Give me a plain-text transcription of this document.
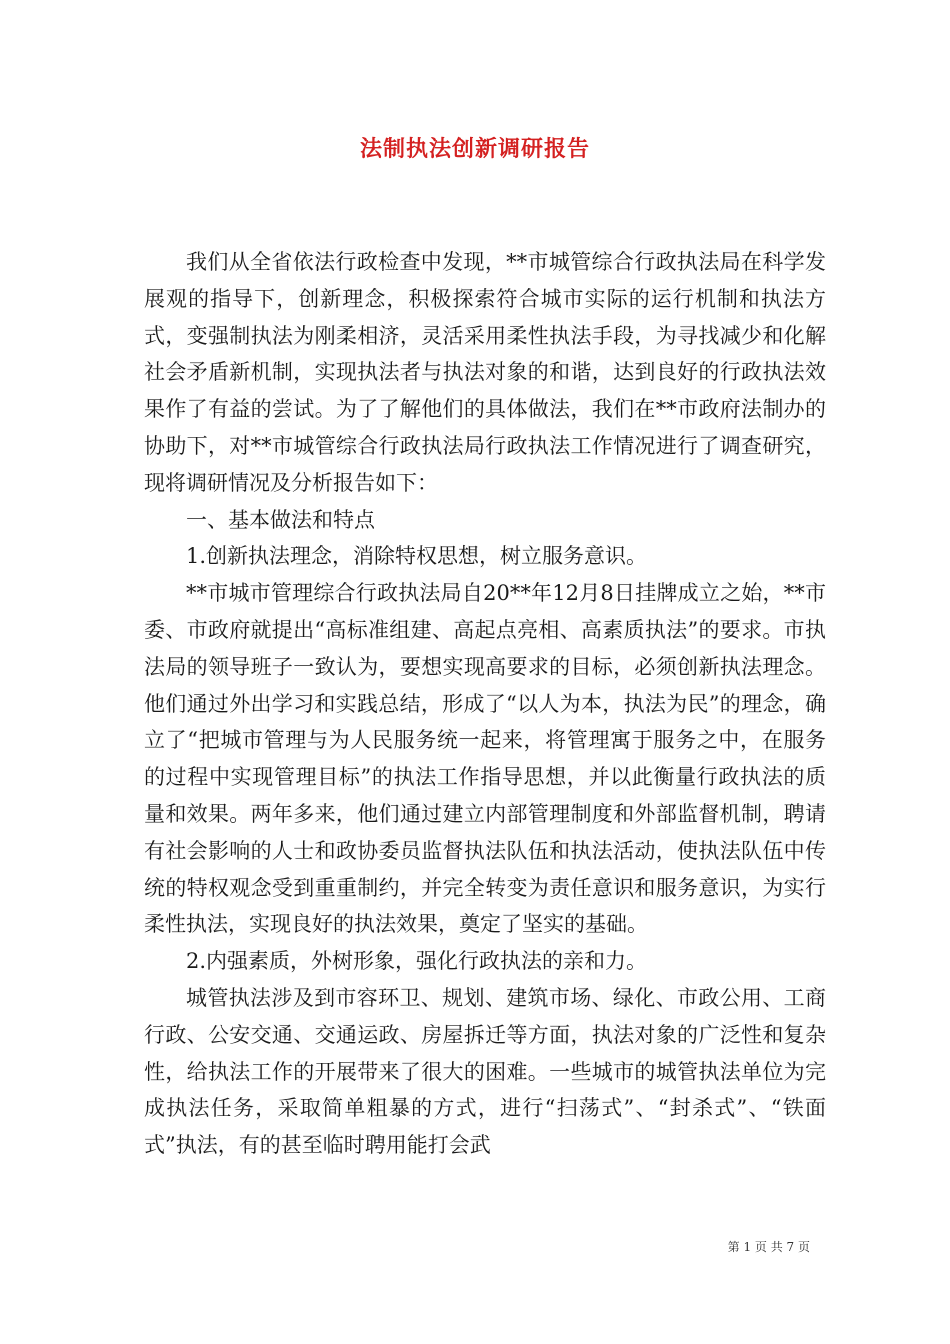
法制执法创新调研报告

我们从全省依法行政检查中发现，**市城管综合行政执法局在科学发展观的指导下，创新理念，积极探索符合城市实际的运行机制和执法方式，变强制执法为刚柔相济，灵活采用柔性执法手段，为寻找减少和化解社会矛盾新机制，实现执法者与执法对象的和谐，达到良好的行政执法效果作了有益的尝试。为了了解他们的具体做法，我们在**市政府法制办的协助下，对**市城管综合行政执法局行政执法工作情况进行了调查研究，现将调研情况及分析报告如下：

一、基本做法和特点

1.创新执法理念，消除特权思想，树立服务意识。

**市城市管理综合行政执法局自20**年12月8日挂牌成立之始，**市委、市政府就提出“高标准组建、高起点亮相、高素质执法”的要求。市执法局的领导班子一致认为，要想实现高要求的目标，必须创新执法理念。他们通过外出学习和实践总结，形成了“以人为本，执法为民”的理念，确立了“把城市管理与为人民服务统一起来，将管理寓于服务之中，在服务的过程中实现管理目标”的执法工作指导思想，并以此衡量行政执法的质量和效果。两年多来，他们通过建立内部管理制度和外部监督机制，聘请有社会影响的人士和政协委员监督执法队伍和执法活动，使执法队伍中传统的特权观念受到重重制约，并完全转变为责任意识和服务意识，为实行柔性执法，实现良好的执法效果，奠定了坚实的基础。

2.内强素质，外树形象，强化行政执法的亲和力。

城管执法涉及到市容环卫、规划、建筑市场、绿化、市政公用、工商行政、公安交通、交通运政、房屋拆迁等方面，执法对象的广泛性和复杂性，给执法工作的开展带来了很大的困难。一些城市的城管执法单位为完成执法任务，采取简单粗暴的方式，进行“扫荡式”、“封杀式”、“铁面式”执法，有的甚至临时聘用能打会武

第 1 页 共 7 页
